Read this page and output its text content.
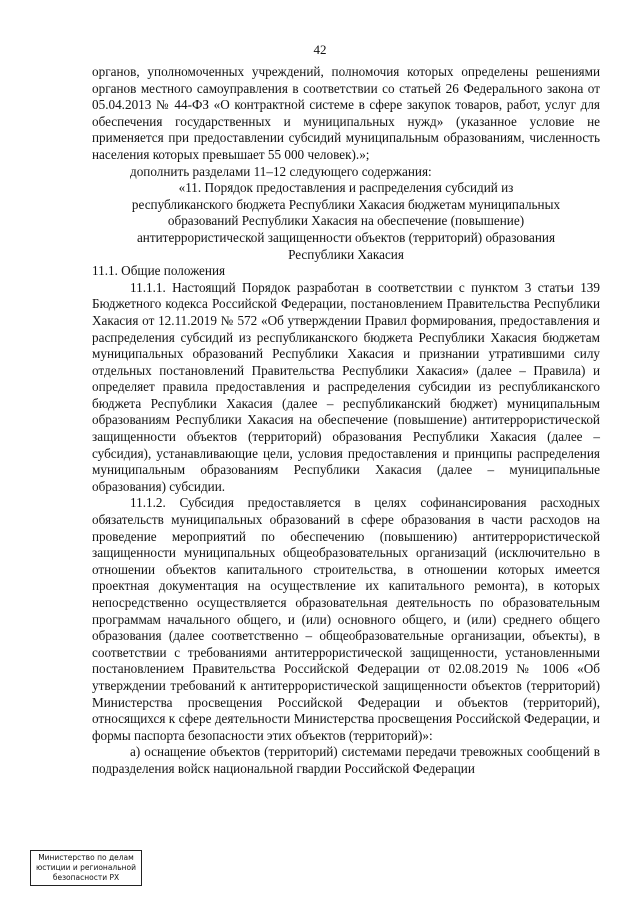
42

органов, уполномоченных учреждений, полномочия которых определены решениями органов местного самоуправления в соответствии со статьей 26 Федерального закона от 05.04.2013 № 44-ФЗ «О контрактной системе в сфере закупок товаров, работ, услуг для обеспечения государственных и муниципальных нужд» (указанное условие не применяется при предоставлении субсидий муниципальным образованиям, численность населения которых превышает 55 000 человек).»;

дополнить разделами 11–12 следующего содержания:

«11. Порядок предоставления и распределения субсидий из
республиканского бюджета Республики Хакасия бюджетам муниципальных
образований Республики Хакасия на обеспечение (повышение)
антитеррористической защищенности объектов (территорий) образования
Республики Хакасия

11.1. Общие положения

11.1.1. Настоящий Порядок разработан в соответствии с пунктом 3 статьи 139 Бюджетного кодекса Российской Федерации, постановлением Правительства Республики Хакасия от 12.11.2019 № 572 «Об утверждении Правил формирования, предоставления и распределения субсидий из республиканского бюджета Республики Хакасия бюджетам муниципальных образований Республики Хакасия и признании утратившими силу отдельных постановлений Правительства Республики Хакасия» (далее – Правила) и определяет правила предоставления и распределения субсидии из республиканского бюджета Республики Хакасия (далее – республиканский бюджет) муниципальным образованиям Республики Хакасия на обеспечение (повышение) антитеррористической защищенности объектов (территорий) образования Республики Хакасия (далее – субсидия), устанавливающие цели, условия предоставления и принципы распределения муниципальным образованиям Республики Хакасия (далее – муниципальные образования) субсидии.

11.1.2. Субсидия предоставляется в целях софинансирования расходных обязательств муниципальных образований в сфере образования в части расходов на проведение мероприятий по обеспечению (повышению) антитеррористической защищенности муниципальных общеобразовательных организаций (исключительно в отношении объектов капитального строительства, в отношении которых имеется проектная документация на осуществление их капитального ремонта), в которых непосредственно осуществляется образовательная деятельность по образовательным программам начального общего, и (или) основного общего, и (или) среднего общего образования (далее соответственно – общеобразовательные организации, объекты), в соответствии с требованиями антитеррористической защищенности, установленными постановлением Правительства Российской Федерации от 02.08.2019 № 1006 «Об утверждении требований к антитеррористической защищенности объектов (территорий) Министерства просвещения Российской Федерации и объектов (территорий), относящихся к сфере деятельности Министерства просвещения Российской Федерации, и формы паспорта безопасности этих объектов (территорий)»:

а) оснащение объектов (территорий) системами передачи тревожных сообщений в подразделения войск национальной гвардии Российской Федерации

Министерство по делам
юстиции и региональной
безопасности РХ
